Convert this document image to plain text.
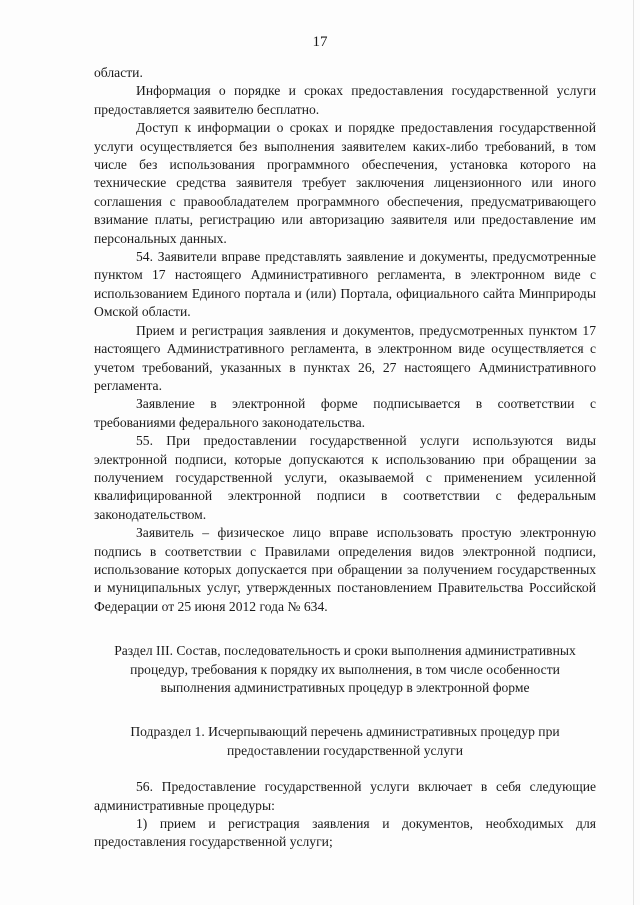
17

области.

Информация о порядке и сроках предоставления государственной услуги предоставляется заявителю бесплатно.

Доступ к информации о сроках и порядке предоставления государственной услуги осуществляется без выполнения заявителем каких-либо требований, в том числе без использования программного обеспечения, установка которого на технические средства заявителя требует заключения лицензионного или иного соглашения с правообладателем программного обеспечения, предусматривающего взимание платы, регистрацию или авторизацию заявителя или предоставление им персональных данных.

54. Заявители вправе представлять заявление и документы, предусмотренные пунктом 17 настоящего Административного регламента, в электронном виде с использованием Единого портала и (или) Портала, официального сайта Минприроды Омской области.

Прием и регистрация заявления и документов, предусмотренных пунктом 17 настоящего Административного регламента, в электронном виде осуществляется с учетом требований, указанных в пунктах 26, 27 настоящего Административного регламента.

Заявление в электронной форме подписывается в соответствии с требованиями федерального законодательства.

55. При предоставлении государственной услуги используются виды электронной подписи, которые допускаются к использованию при обращении за получением государственной услуги, оказываемой с применением усиленной квалифицированной электронной подписи в соответствии с федеральным законодательством.

Заявитель – физическое лицо вправе использовать простую электронную подпись в соответствии с Правилами определения видов электронной подписи, использование которых допускается при обращении за получением государственных и муниципальных услуг, утвержденных постановлением Правительства Российской Федерации от 25 июня 2012 года № 634.

Раздел III. Состав, последовательность и сроки выполнения административных процедур, требования к порядку их выполнения, в том числе особенности выполнения административных процедур в электронной форме
Подраздел 1. Исчерпывающий перечень административных процедур при предоставлении государственной услуги

56. Предоставление государственной услуги включает в себя следующие административные процедуры:

1) прием и регистрация заявления и документов, необходимых для предоставления государственной услуги;
